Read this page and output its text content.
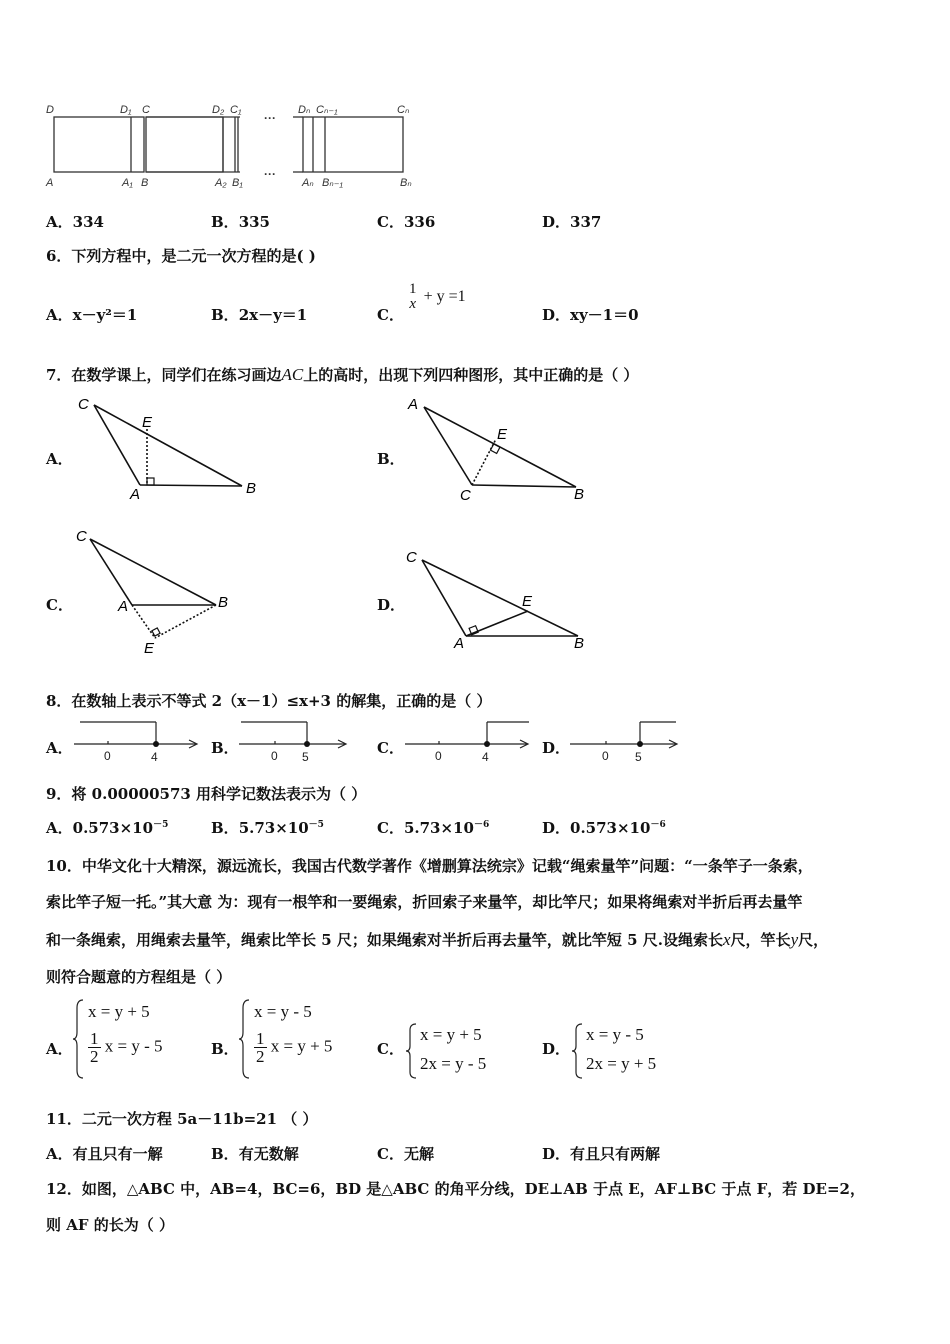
D	D₁ C	D₂ C₁	Dₙ Cₙ₋₁	Cₙ
A	A₁ B	A₂ B₁	Aₙ Bₙ₋₁	Bₙ
···
···
A．334	B．335	C．336	D．337
6．下列方程中，是二元一次方程的是( )
A．x－y²＝1	B．2x－y＝1	C．
1
x + y =1
D．xy－1＝0
7．在数学课上，同学们在练习画边AC上的高时，出现下列四种图形，其中正确的是（ ）
A．
C
E
A	B
B．
A
E
C	B
C．
C
A	B
E
D．
C
E
A	B
8．在数轴上表示不等式 2（x－1）≤x+3 的解集，正确的是（ ）
A．	0	4	B．	0 5	C．	0	4	D．	0 5
9．将 0.00000573 用科学记数法表示为（ ）
A．$0.573\times 10^{-5}$	B．$5.73\times 10^{-5}$	C．$5.73\times 10^{-6}$	D．$0.573\times 10^{-6}$
10．中华文化十大精深，源远流长，我国古代数学著作《增删算法统宗》记载“绳索量竿”问题：“一条竿子一条索，
索比竿子短一托。”其大意 为：现有一根竿和一要绳索，折回索子来量竿，却比竿尺；如果将绳索对半折后再去量竿
和一条绳索，用绳索去量竿，绳索比竿长 5 尺；如果绳索对半折后再去量竿，就比竿短 5 尺.设绳索长x尺，竿长y尺，
则符合题意的方程组是（ ）
A．
x = y + 5
$\frac{1}{2}$ x = y - 5	B．
x = y - 5
$\frac{1}{2}$ x = y + 5	C．
x = y + 5
2x = y - 5
D．
x = y - 5
2x = y + 5
11．二元一次方程 5a－11b=21 （ ）
A．有且只有一解	B．有无数解	C．无解	D．有且只有两解
12．如图，△ABC 中，AB=4，BC=6，BD 是△ABC 的角平分线，DE⊥AB 于点 E，AF⊥BC 于点 F，若 DE=2，
则 AF 的长为（ ）
